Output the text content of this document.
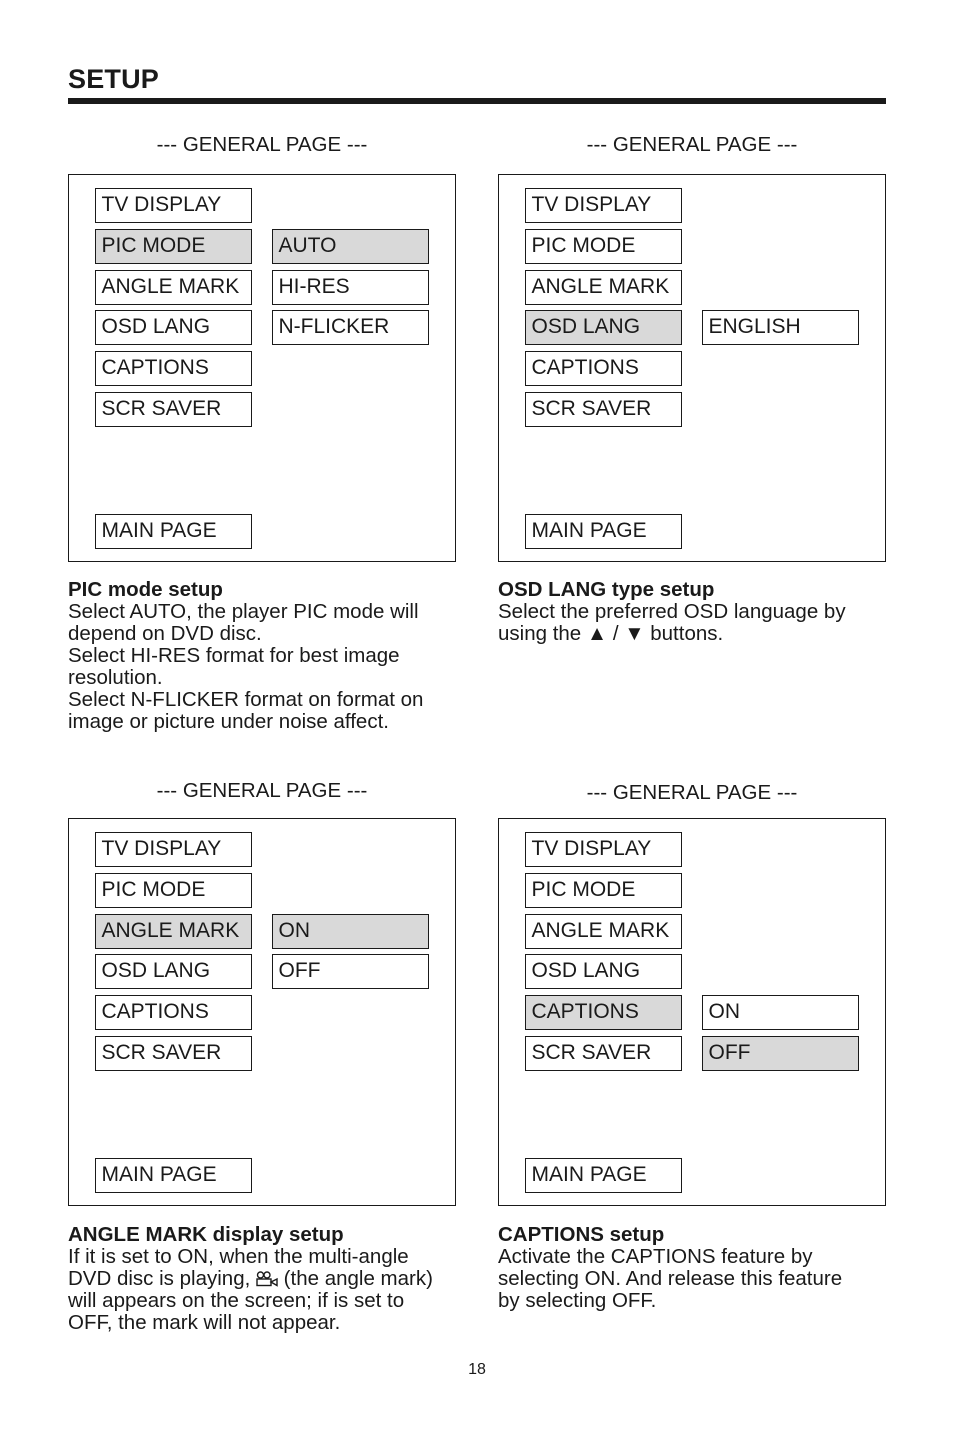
SETUP
--- GENERAL PAGE ---
TV DISPLAY
PIC MODE
ANGLE MARK
OSD LANG
CAPTIONS
SCR SAVER
MAIN PAGE
AUTO
HI-RES
N-FLICKER
PIC mode setup
Select AUTO, the player PIC mode will
depend on DVD disc.
Select HI-RES format for best image
resolution.
Select N-FLICKER format on format on
image or picture under noise affect.
--- GENERAL PAGE ---
TV DISPLAY
PIC MODE
ANGLE MARK
OSD LANG
CAPTIONS
SCR SAVER
MAIN PAGE
ENGLISH
OSD LANG type setup
Select the preferred OSD language by
using the ▲ / ▼ buttons.
--- GENERAL PAGE ---
TV DISPLAY
PIC MODE
ANGLE MARK
OSD LANG
CAPTIONS
SCR SAVER
MAIN PAGE
ON
OFF
ANGLE MARK display setup
If it is set to ON, when the multi-angle
DVD disc is playing,  (the angle mark)
will appears on the screen; if is set to
OFF, the mark will not appear.
--- GENERAL PAGE ---
TV DISPLAY
PIC MODE
ANGLE MARK
OSD LANG
CAPTIONS
SCR SAVER
MAIN PAGE
ON
OFF
CAPTIONS setup
Activate the CAPTIONS feature by
selecting ON. And release this feature
by selecting OFF.
18
